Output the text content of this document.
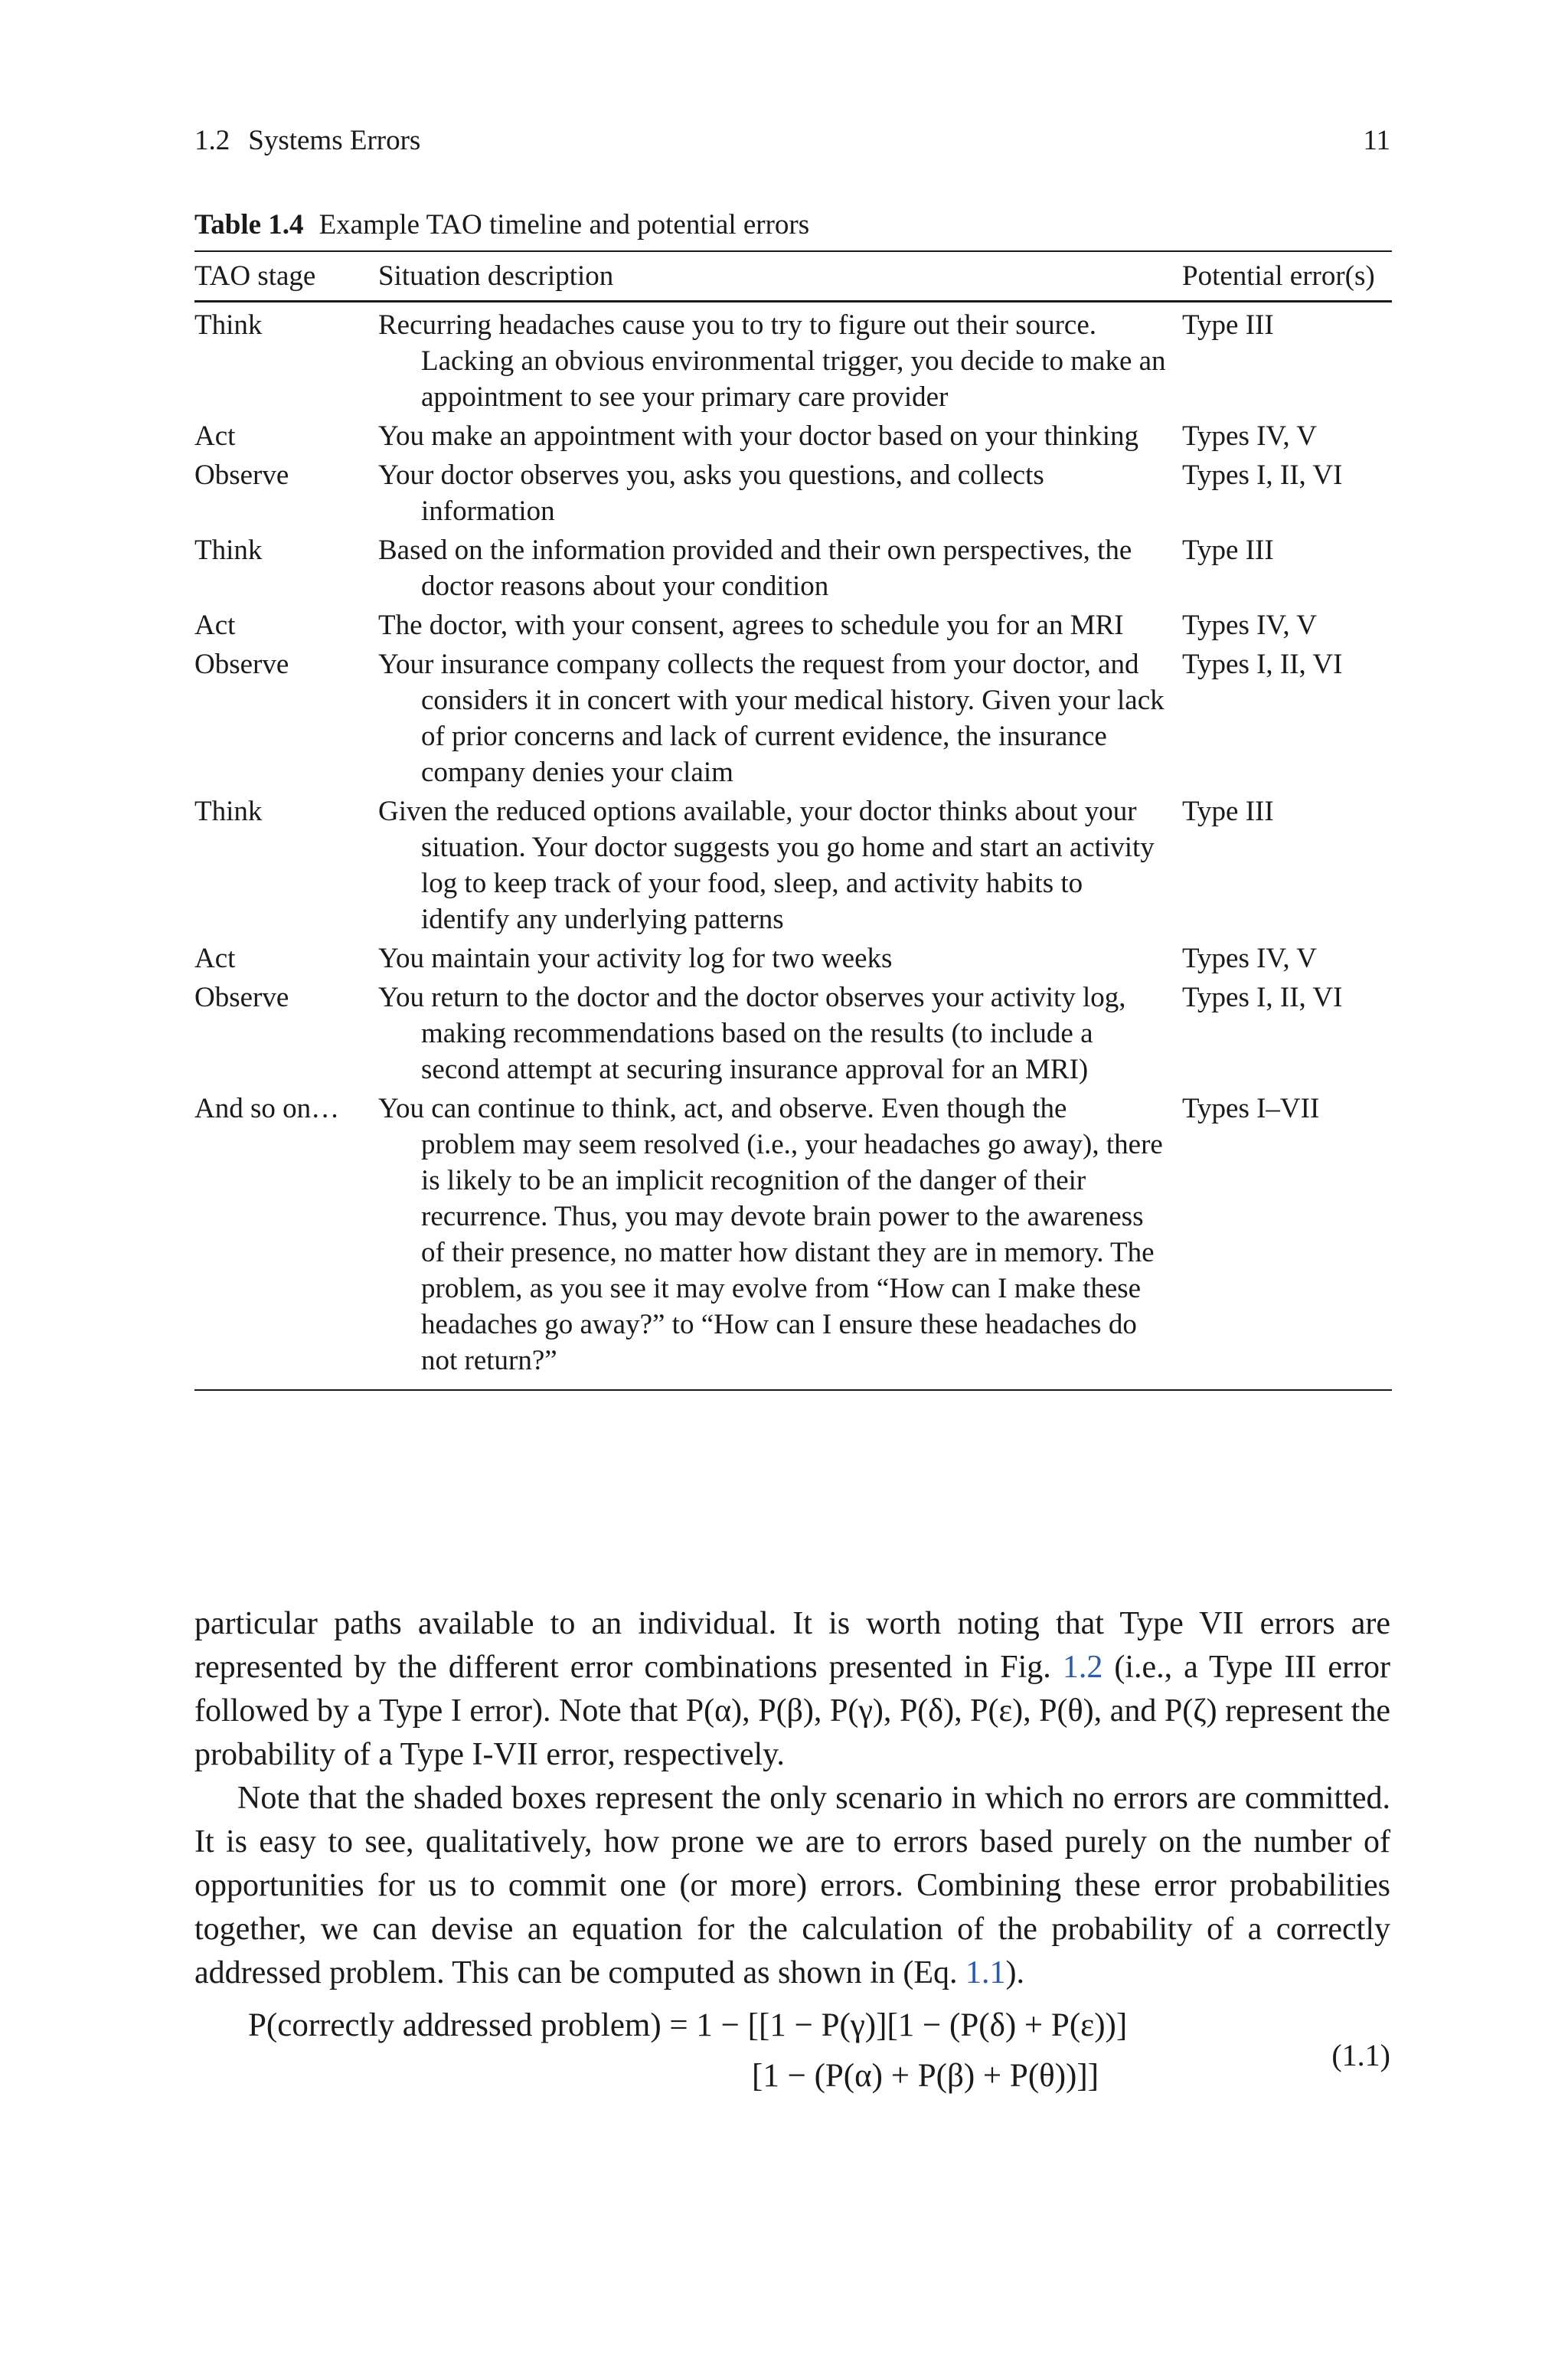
1.2 Systems Errors	11
Table 1.4 Example TAO timeline and potential errors
TAO stage	Situation description	Potential error(s)
Think	Recurring headaches cause you to try to figure out their source. Lacking an obvious environmental trigger, you decide to make an appointment to see your primary care provider	Type III
Act	You make an appointment with your doctor based on your thinking	Types IV, V
Observe	Your doctor observes you, asks you questions, and collects information	Types I, II, VI
Think	Based on the information provided and their own perspectives, the doctor reasons about your condition	Type III
Act	The doctor, with your consent, agrees to schedule you for an MRI	Types IV, V
Observe	Your insurance company collects the request from your doctor, and considers it in concert with your medical history. Given your lack of prior concerns and lack of current evidence, the insurance company denies your claim	Types I, II, VI
Think	Given the reduced options available, your doctor thinks about your situation. Your doctor suggests you go home and start an activity log to keep track of your food, sleep, and activity habits to identify any underlying patterns	Type III
Act	You maintain your activity log for two weeks	Types IV, V
Observe	You return to the doctor and the doctor observes your activity log, making recommendations based on the results (to include a second attempt at securing insurance approval for an MRI)	Types I, II, VI
And so on…	You can continue to think, act, and observe. Even though the problem may seem resolved (i.e., your headaches go away), there is likely to be an implicit recognition of the danger of their recurrence. Thus, you may devote brain power to the awareness of their presence, no matter how distant they are in memory. The problem, as you see it may evolve from “How can I make these headaches go away?” to “How can I ensure these headaches do not return?”	Types I–VII

particular paths available to an individual. It is worth noting that Type VII errors are represented by the different error combinations presented in Fig. 1.2 (i.e., a Type III error followed by a Type I error). Note that P(α), P(β), P(γ), P(δ), P(ε), P(θ), and P(ζ) represent the probability of a Type I-VII error, respectively.

Note that the shaded boxes represent the only scenario in which no errors are committed. It is easy to see, qualitatively, how prone we are to errors based purely on the number of opportunities for us to commit one (or more) errors. Combining these error probabilities together, we can devise an equation for the calculation of the probability of a correctly addressed problem. This can be computed as shown in (Eq. 1.1).

P(correctly addressed problem) = 1 − [[1 − P(γ)][1 − (P(δ) + P(ε))]
[1 − (P(α) + P(β) + P(θ))]]
(1.1)
